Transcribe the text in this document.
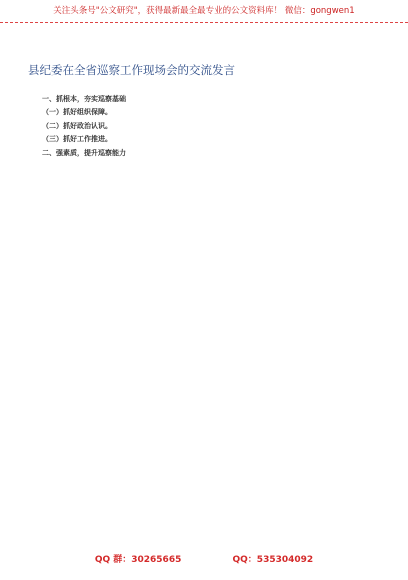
关注头条号"公文研究"，获得最新最全最专业的公文资料库！ 微信：gongwen1
县纪委在全省巡察工作现场会的交流发言

一、抓根本，夯实巡察基础

（一）抓好组织保障。

（二）抓好政治认识。

（三）抓好工作推进。

二、强素质，提升巡察能力

QQ 群：30265665	QQ：535304092
